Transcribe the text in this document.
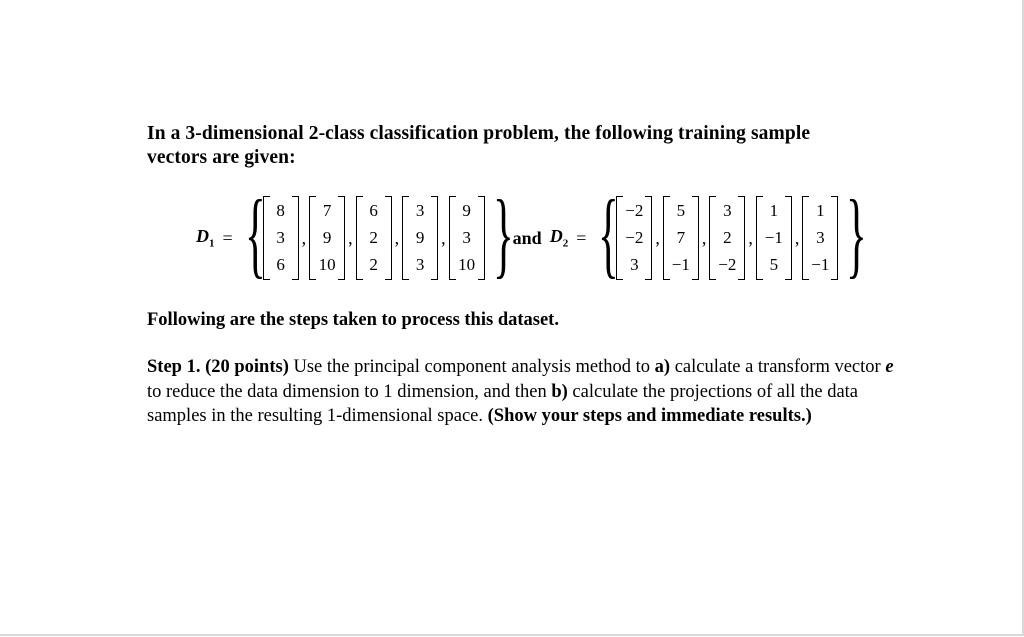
In a 3-dimensional 2-class classification problem, the following training sample
vectors are given:
$D_1$ = { 8
3
6
,
7
9
10
,
6
2
2
,
3
9
3
,
9
3
10 } and $D_2$ = { −2
−2
3
,
5
7
−1
,
3
2
−2
,
1
−1
5
,
1
3
−1 }
Following are the steps taken to process this dataset.
Step 1. (20 points) Use the principal component analysis method to a) calculate a transform vector e to reduce the data dimension to 1 dimension, and then b) calculate the projections of all the data samples in the resulting 1-dimensional space. (Show your steps and immediate results.)
